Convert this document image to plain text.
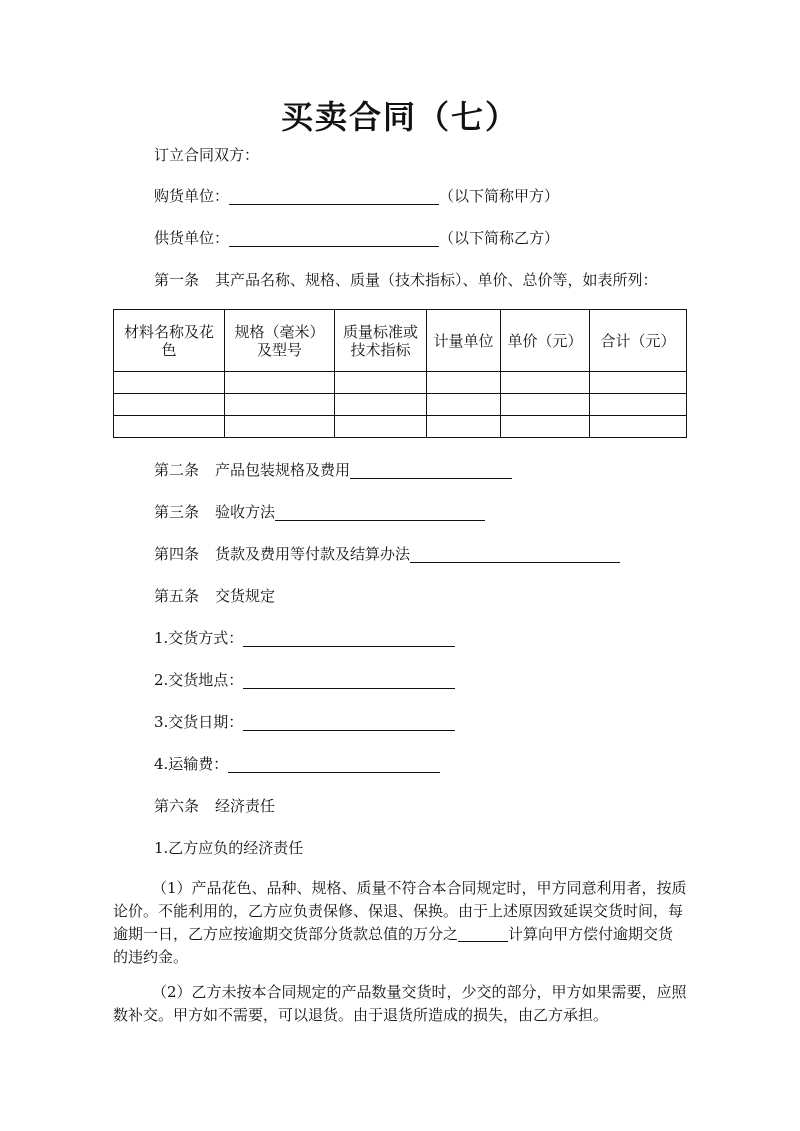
买卖合同（七）
订立合同双方：
购货单位：	（以下简称甲方）
供货单位：	（以下简称乙方）
第一条 其产品名称、规格、质量（技术指标）、单价、总价等，如表所列：
材料名称及花色	规格（毫米）及型号	质量标准或技术指标	计量单位	单价（元）	合计（元）

第二条 产品包装规格及费用
第三条 验收方法
第四条 货款及费用等付款及结算办法
第五条 交货规定
1.交货方式：
2.交货地点：
3.交货日期：
4.运输费：
第六条 经济责任
1.乙方应负的经济责任
（1）产品花色、品种、规格、质量不符合本合同规定时，甲方同意利用者，按质论价。不能利用的，乙方应负责保修、保退、保换。由于上述原因致延误交货时间，每逾期一日，乙方应按逾期交货部分货款总值的万分之	计算向甲方偿付逾期交货的违约金。
（2）乙方未按本合同规定的产品数量交货时，少交的部分，甲方如果需要，应照数补交。甲方如不需要，可以退货。由于退货所造成的损失，由乙方承担。
